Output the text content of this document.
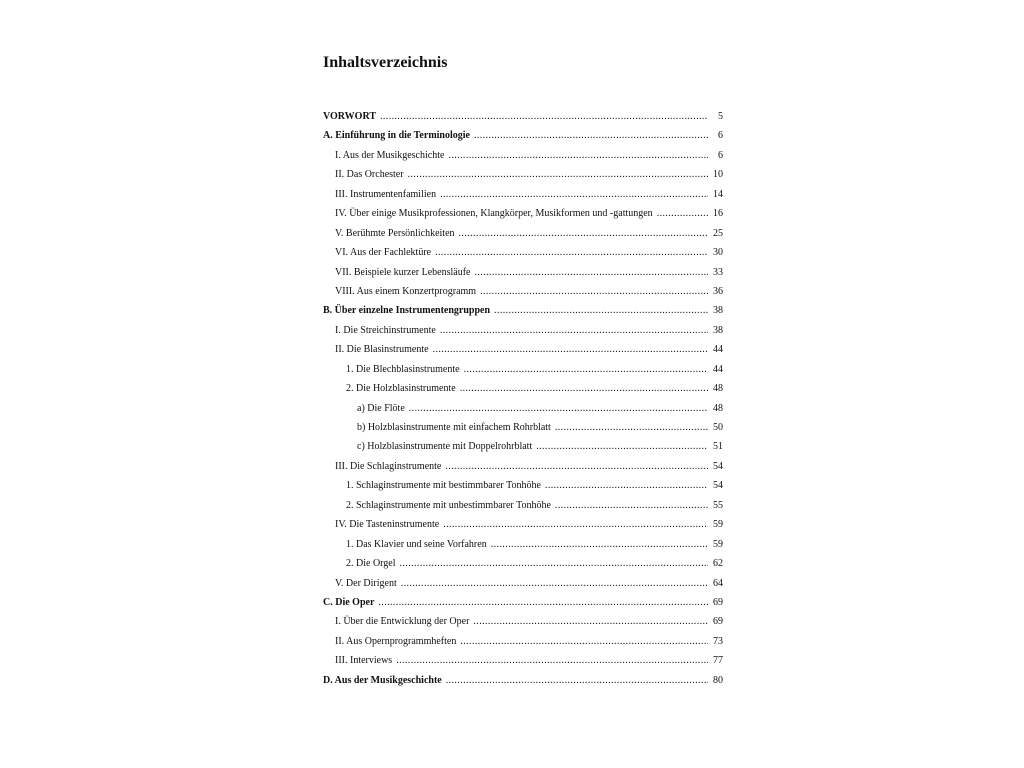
Inhaltsverzeichnis
VORWORT .....	5
A. Einführung in die Terminologie .....	6
I. Aus der Musikgeschichte .....	6
II. Das Orchester .....	10
III. Instrumentenfamilien .....	14
IV. Über einige Musikprofessionen, Klangkörper, Musikformen und -gattungen .....	16
V. Berühmte Persönlichkeiten .....	25
VI. Aus der Fachlektüre .....	30
VII. Beispiele kurzer Lebensläufe .....	33
VIII. Aus einem Konzertprogramm .....	36
B. Über einzelne Instrumentengruppen .....	38
I. Die Streichinstrumente .....	38
II. Die Blasinstrumente .....	44
1. Die Blechblasinstrumente .....	44
2. Die Holzblasinstrumente .....	48
a) Die Flöte .....	48
b) Holzblasinstrumente mit einfachem Rohrblatt .....	50
c) Holzblasinstrumente mit Doppelrohrblatt .....	51
III. Die Schlaginstrumente .....	54
1. Schlaginstrumente mit bestimmbarer Tonhöhe .....	54
2. Schlaginstrumente mit unbestimmbarer Tonhöhe .....	55
IV. Die Tasteninstrumente .....	59
1. Das Klavier und seine Vorfahren .....	59
2. Die Orgel .....	62
V. Der Dirigent .....	64
C. Die Oper .....	69
I. Über die Entwicklung der Oper .....	69
II. Aus Opernprogrammheften .....	73
III. Interviews .....	77
D. Aus der Musikgeschichte .....	80
